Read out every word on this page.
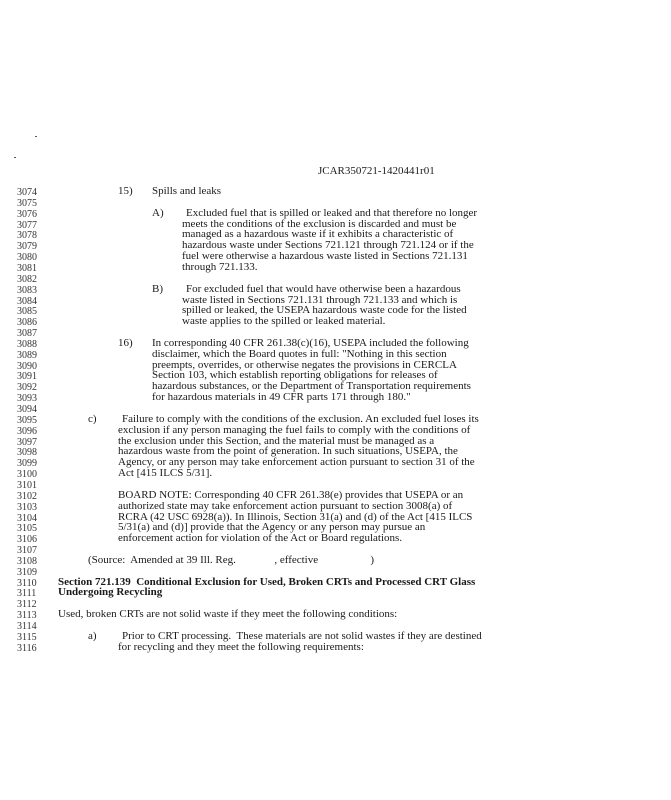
JCAR350721-1420441r01
3074	15) Spills and leaks
3075
3076	A) Excluded fuel that is spilled or leaked and that therefore no longer
3077	meets the conditions of the exclusion is discarded and must be
3078	managed as a hazardous waste if it exhibits a characteristic of
3079	hazardous waste under Sections 721.121 through 721.124 or if the
3080	fuel were otherwise a hazardous waste listed in Sections 721.131
3081	through 721.133.
3082
3083	B) For excluded fuel that would have otherwise been a hazardous
3084	waste listed in Sections 721.131 through 721.133 and which is
3085	spilled or leaked, the USEPA hazardous waste code for the listed
3086	waste applies to the spilled or leaked material.
3087
3088	16) In corresponding 40 CFR 261.38(c)(16), USEPA included the following
3089	disclaimer, which the Board quotes in full: "Nothing in this section
3090	preempts, overrides, or otherwise negates the provisions in CERCLA
3091	Section 103, which establish reporting obligations for releases of
3092	hazardous substances, or the Department of Transportation requirements
3093	for hazardous materials in 49 CFR parts 171 through 180."
3094
3095	c) Failure to comply with the conditions of the exclusion. An excluded fuel loses its
3096	exclusion if any person managing the fuel fails to comply with the conditions of
3097	the exclusion under this Section, and the material must be managed as a
3098	hazardous waste from the point of generation. In such situations, USEPA, the
3099	Agency, or any person may take enforcement action pursuant to section 31 of the
3100	Act [415 ILCS 5/31].
3101
3102	BOARD NOTE: Corresponding 40 CFR 261.38(e) provides that USEPA or an
3103	authorized state may take enforcement action pursuant to section 3008(a) of
3104	RCRA (42 USC 6928(a)). In Illinois, Section 31(a) and (d) of the Act [415 ILCS
3105	5/31(a) and (d)] provide that the Agency or any person may pursue an
3106	enforcement action for violation of the Act or Board regulations.
3107
3108	(Source:  Amended at 39 Ill. Reg.              , effective                   )
3109
3110 Section 721.139  Conditional Exclusion for Used, Broken CRTs and Processed CRT Glass
3111 Undergoing Recycling
3112
3113 Used, broken CRTs are not solid waste if they meet the following conditions:
3114
3115	a) Prior to CRT processing.  These materials are not solid wastes if they are destined
3116	for recycling and they meet the following requirements:
